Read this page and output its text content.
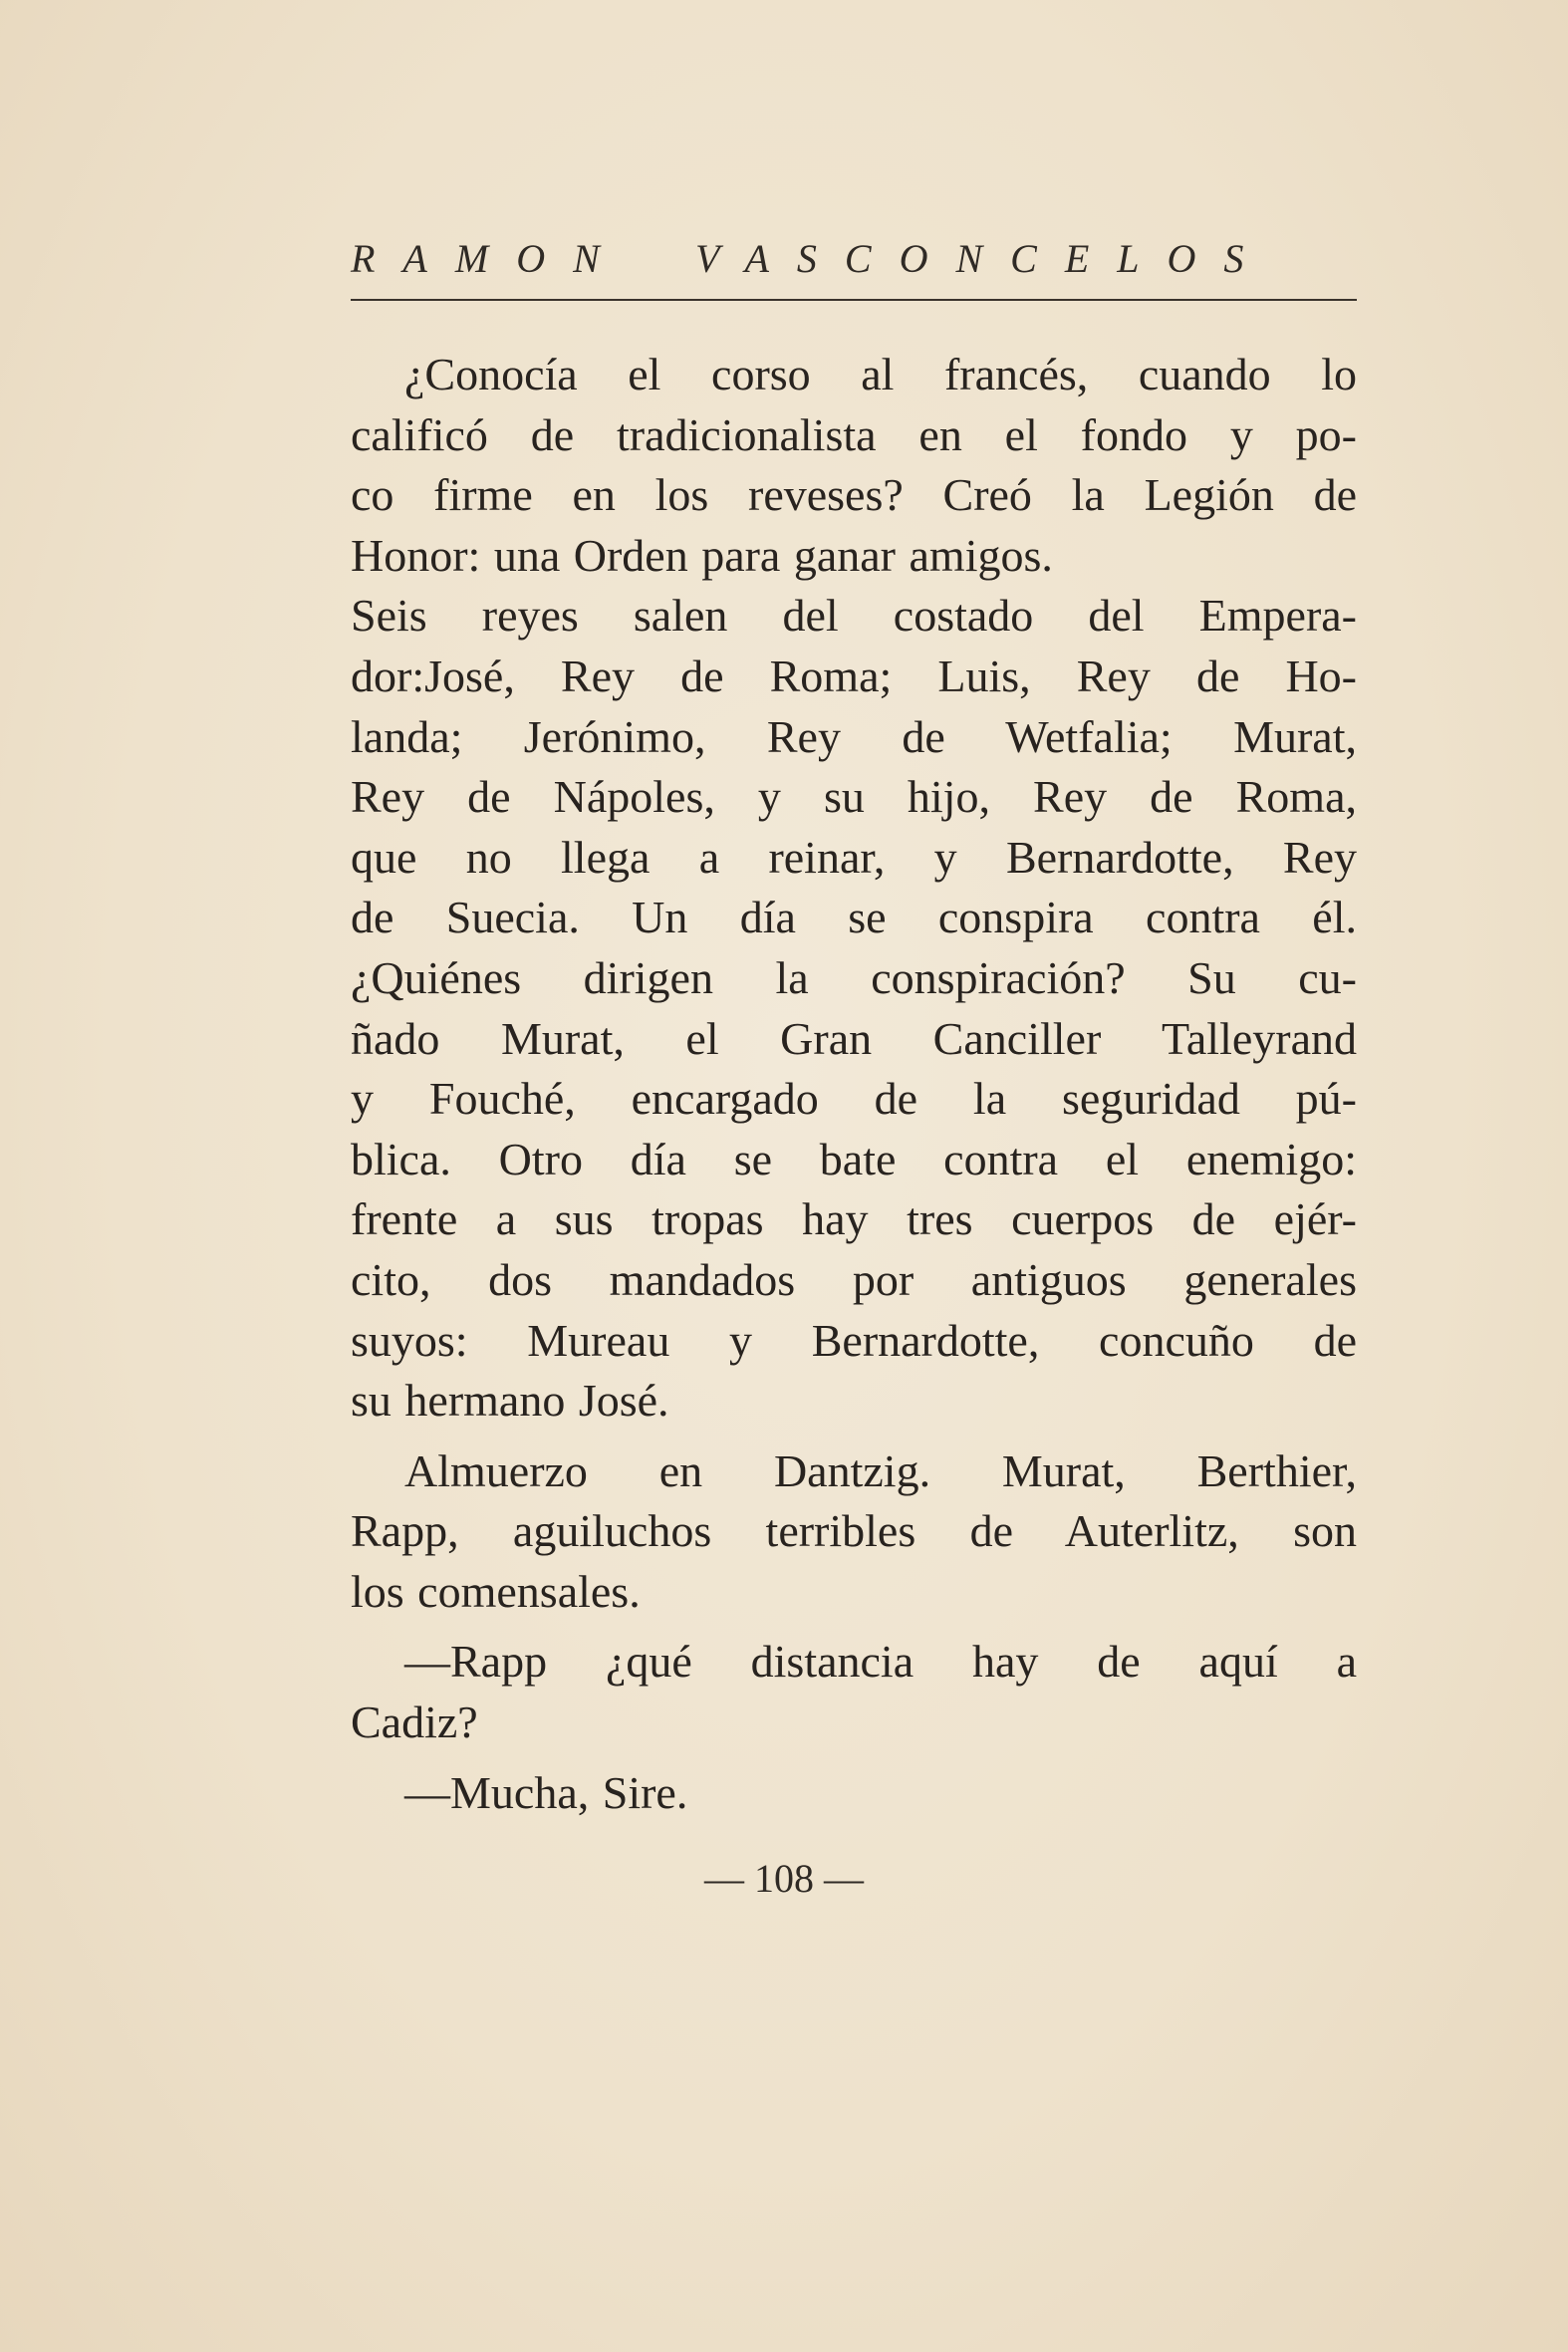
RAMON VASCONCELOS
¿Conocía el corso al francés, cuando lo
calificó de tradicionalista en el fondo y po-
co firme en los reveses? Creó la Legión de
Honor: una Orden para ganar amigos.
Seis reyes salen del costado del Empera-
dor:José, Rey de Roma; Luis, Rey de Ho-
landa; Jerónimo, Rey de Wetfalia; Murat,
Rey de Nápoles, y su hijo, Rey de Roma,
que no llega a reinar, y Bernardotte, Rey
de Suecia. Un día se conspira contra él.
¿Quiénes dirigen la conspiración? Su cu-
ñado Murat, el Gran Canciller Talleyrand
y Fouché, encargado de la seguridad pú-
blica. Otro día se bate contra el enemigo:
frente a sus tropas hay tres cuerpos de ejér-
cito, dos mandados por antiguos generales
suyos: Mureau y Bernardotte, concuño de
su hermano José.
Almuerzo en Dantzig. Murat, Berthier,
Rapp, aguiluchos terribles de Auterlitz, son
los comensales.
—Rapp ¿qué distancia hay de aquí a
Cadiz?
—Mucha, Sire.
— 108 —
